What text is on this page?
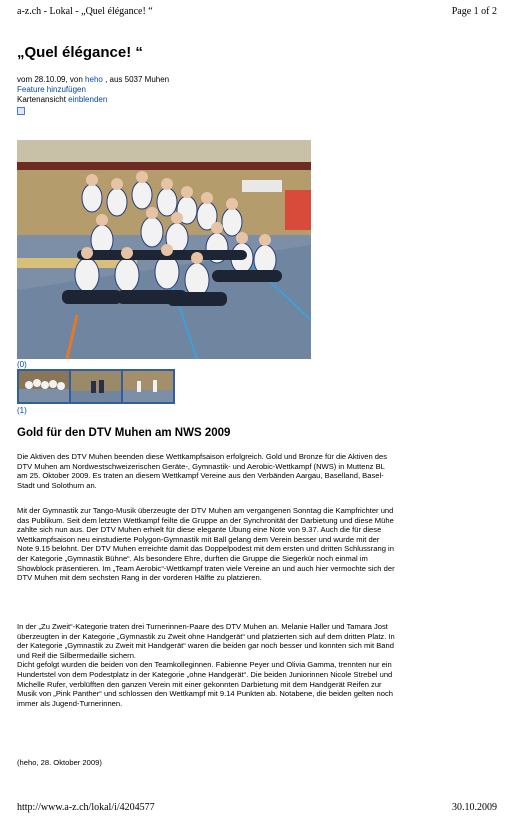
a-z.ch - Lokal - „Quel élégance! “	Page 1 of 2
„Quel élégance! “
vom 28.10.09, von heho , aus 5037 Muhen
Feature hinzufügen
Kartenansicht einblenden
(0)
(1)
Gold für den DTV Muhen am NWS 2009
Die Aktiven des DTV Muhen beenden diese Wettkampfsaison erfolgreich. Gold und Bronze für die Aktiven des DTV Muhen am Nordwestschweizerischen Geräte-, Gymnastik- und Aerobic-Wettkampf (NWS) in Muttenz BL am 25. Oktober 2009. Es traten an diesem Wettkampf Vereine aus den Verbänden Aargau, Baselland, Basel-Stadt und Solothurn an.
Mit der Gymnastik zur Tango-Musik überzeugte der DTV Muhen am vergangenen Sonntag die Kampfrichter und das Publikum. Seit dem letzten Wettkampf feilte die Gruppe an der Synchronität der Darbietung und diese Mühe zahlte sich nun aus. Der DTV Muhen erhielt für diese elegante Übung eine Note von 9.37. Auch die für diese Wettkampfsaison neu einstudierte Polygon-Gymnastik mit Ball gelang dem Verein besser und wurde mit der Note 9.15 belohnt. Der DTV Muhen erreichte damit das Doppelpodest mit dem ersten und dritten Schlussrang in der Kategorie „Gymnastik Bühne“. Als besondere Ehre, durften die Gruppe die Siegerkür noch einmal im Showblock präsentieren. Im „Team Aerobic“-Wettkampf traten viele Vereine an und auch hier vermochte sich der DTV Muhen mit dem sechsten Rang in der vorderen Hälfte zu platzieren.
In der „Zu Zweit“-Kategorie traten drei Turnerinnen-Paare des DTV Muhen an. Melanie Haller und Tamara Jost überzeugten in der Kategorie „Gymnastik zu Zweit ohne Handgerät“ und platzierten sich auf dem dritten Platz. In der Kategorie „Gymnastik zu Zweit mit Handgerät“ waren die beiden gar noch besser und konnten sich mit Band und Reif die Silbermedaille sichern.
Dicht gefolgt wurden die beiden von den Teamkolleginnen. Fabienne Peyer und Olivia Gamma, trennten nur ein Hundertstel von dem Podestplatz in der Kategorie „ohne Handgerät“. Die beiden Juniorinnen Nicole Strebel und Michelle Rufer, verblüfften den ganzen Verein mit einer gekonnten Darbietung mit dem Handgerät Reifen zur Musik von „Pink Panther“ und schlossen den Wettkampf mit 9.14 Punkten ab. Notabene, die beiden gelten noch immer als Jugend-Turnerinnen.
(heho, 28. Oktober 2009)
http://www.a-z.ch/lokal/i/4204577	30.10.2009
